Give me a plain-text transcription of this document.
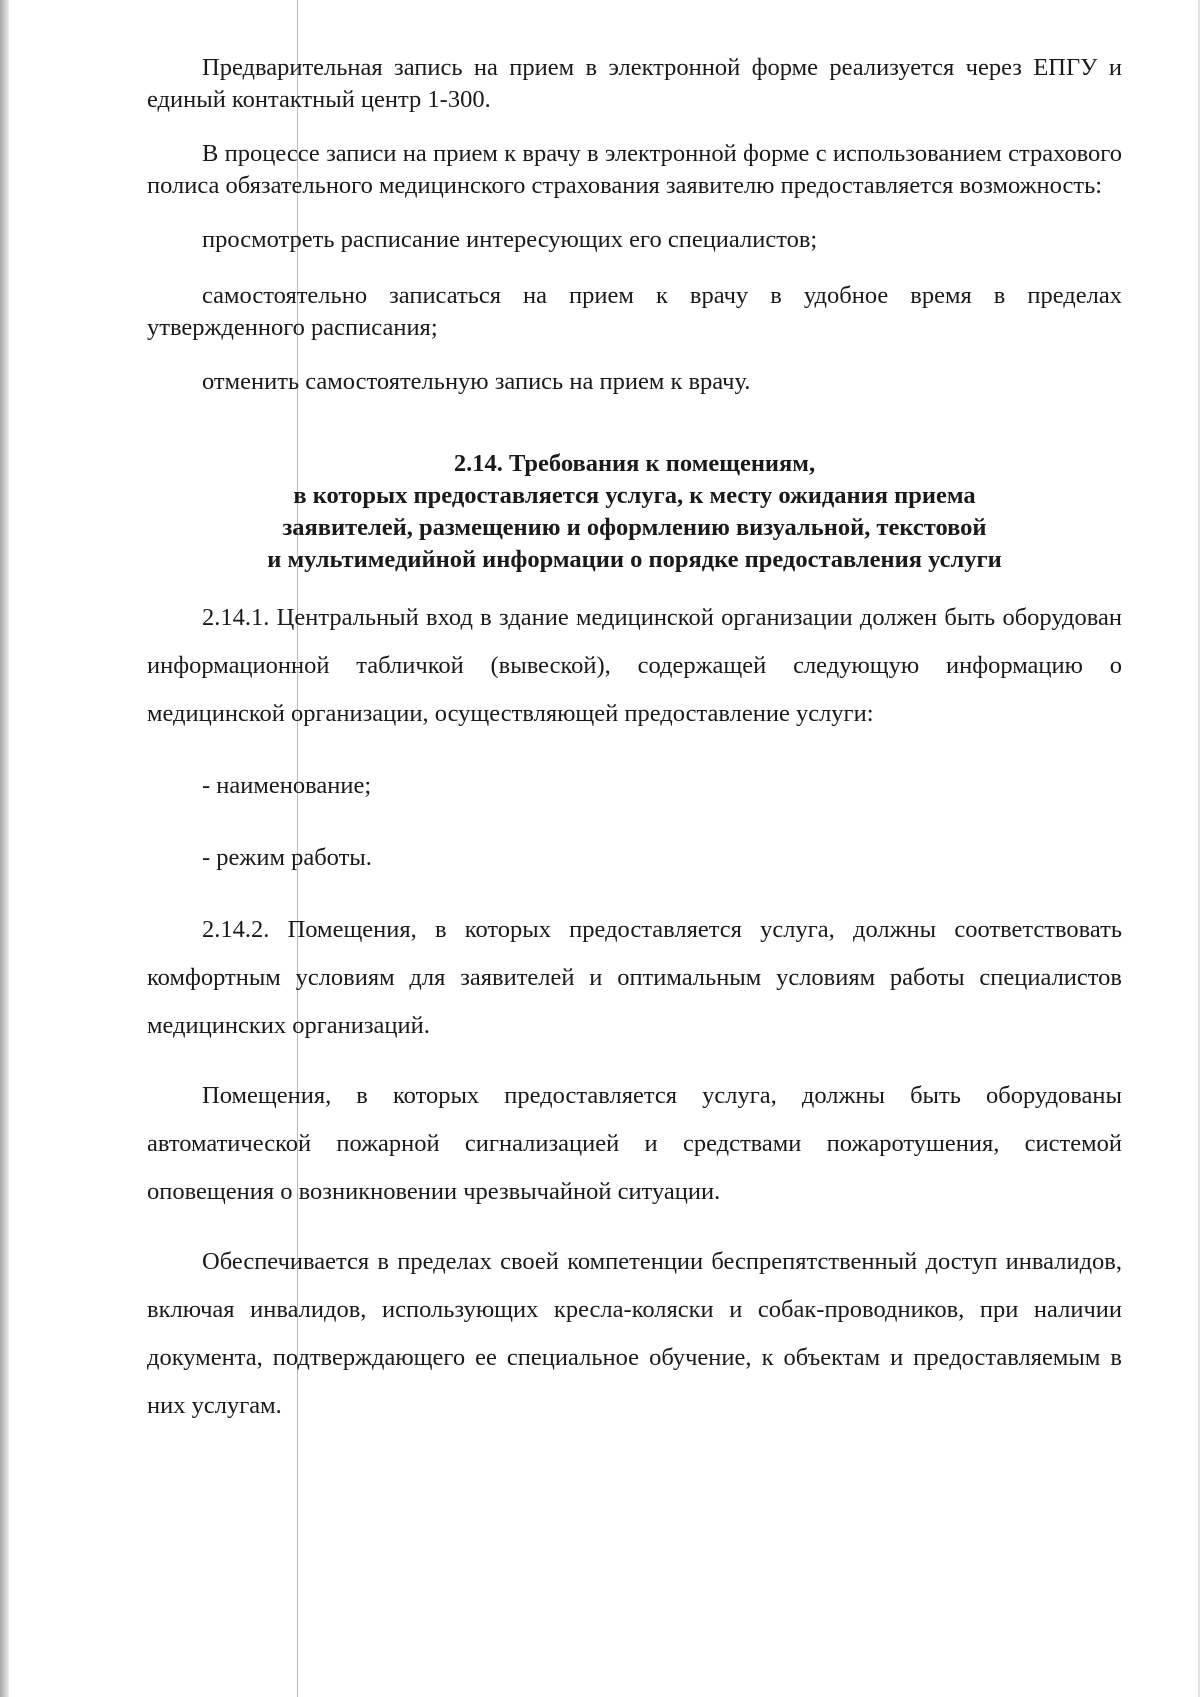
Предварительная запись на прием в электронной форме реализуется через ЕПГУ и единый контактный центр 1-300.

В процессе записи на прием к врачу в электронной форме с использованием страхового полиса обязательного медицинского страхования заявителю предоставляется возможность:

просмотреть расписание интересующих его специалистов;

самостоятельно записаться на прием к врачу в удобное время в пределах утвержденного расписания;

отменить самостоятельную запись на прием к врачу.

2.14. Требования к помещениям,

в которых предоставляется услуга, к месту ожидания приема

заявителей, размещению и оформлению визуальной, текстовой

и мультимедийной информации о порядке предоставления услуги

2.14.1. Центральный вход в здание медицинской организации должен быть оборудован информационной табличкой (вывеской), содержащей следующую информацию о медицинской организации, осуществляющей предоставление услуги:

- наименование;

- режим работы.

2.14.2. Помещения, в которых предоставляется услуга, должны соответствовать комфортным условиям для заявителей и оптимальным условиям работы специалистов медицинских организаций.

Помещения, в которых предоставляется услуга, должны быть оборудованы автоматической пожарной сигнализацией и средствами пожаротушения, системой оповещения о возникновении чрезвычайной ситуации.

Обеспечивается в пределах своей компетенции беспрепятственный доступ инвалидов, включая инвалидов, использующих кресла-коляски и собак-проводников, при наличии документа, подтверждающего ее специальное обучение, к объектам и предоставляемым в них услугам.
